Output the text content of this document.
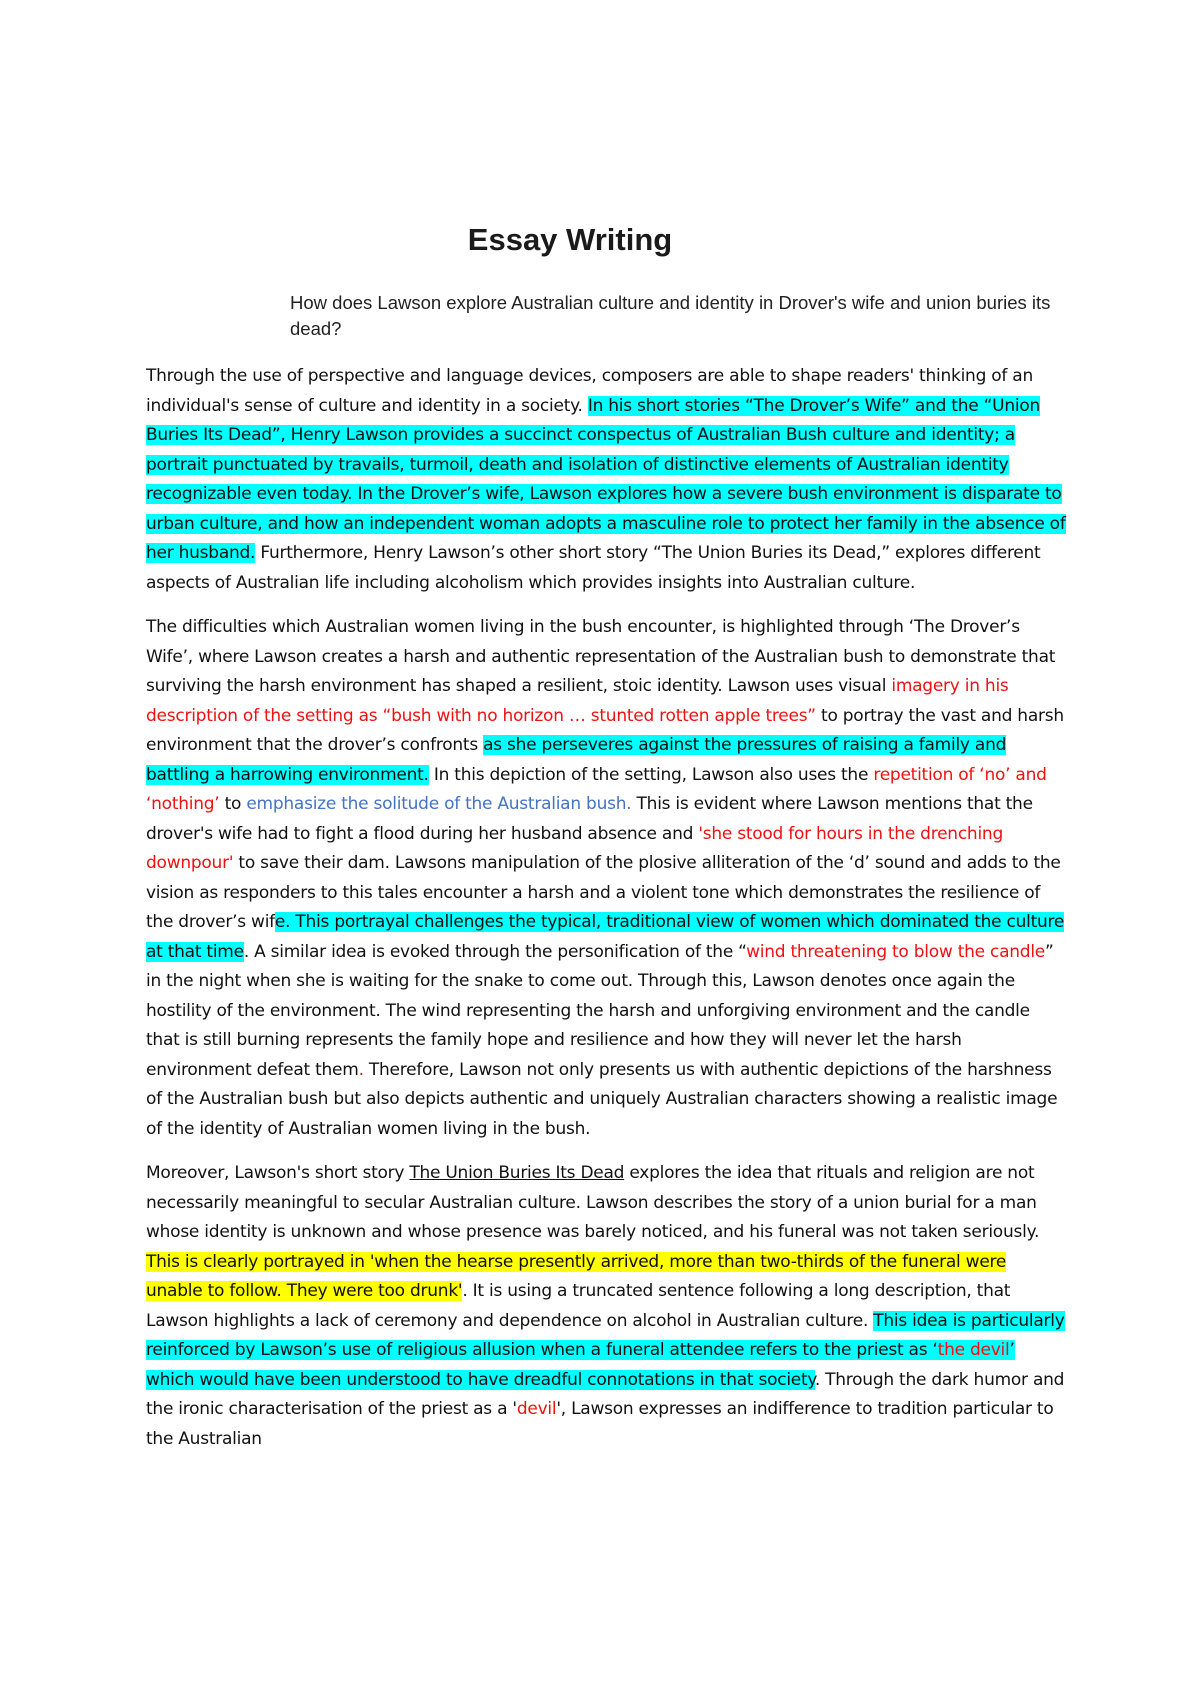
Essay Writing

How does Lawson explore Australian culture and identity in Drover's wife and union buries its dead?

Through the use of perspective and language devices, composers are able to shape readers' thinking of an individual's sense of culture and identity in a society. In his short stories “The Drover’s Wife” and the “Union Buries Its Dead”, Henry Lawson provides a succinct conspectus of Australian Bush culture and identity; a portrait punctuated by travails, turmoil, death and isolation of distinctive elements of Australian identity recognizable even today. In the Drover’s wife, Lawson explores how a severe bush environment is disparate to urban culture, and how an independent woman adopts a masculine role to protect her family in the absence of her husband. Furthermore, Henry Lawson’s other short story “The Union Buries its Dead,” explores different aspects of Australian life including alcoholism which provides insights into Australian culture.

The difficulties which Australian women living in the bush encounter, is highlighted through ‘The Drover’s Wife’, where Lawson creates a harsh and authentic representation of the Australian bush to demonstrate that surviving the harsh environment has shaped a resilient, stoic identity. Lawson uses visual imagery in his description of the setting as “bush with no horizon … stunted rotten apple trees” to portray the vast and harsh environment that the drover’s confronts as she perseveres against the pressures of raising a family and battling a harrowing environment. In this depiction of the setting, Lawson also uses the repetition of ‘no’ and ‘nothing’ to emphasize the solitude of the Australian bush. This is evident where Lawson mentions that the drover's wife had to fight a flood during her husband absence and 'she stood for hours in the drenching downpour' to save their dam. Lawsons manipulation of the plosive alliteration of the ‘d’ sound and adds to the vision as responders to this tales encounter a harsh and a violent tone which demonstrates the resilience of the drover’s wife. This portrayal challenges the typical, traditional view of women which dominated the culture at that time. A similar idea is evoked through the personification of the “wind threatening to blow the candle” in the night when she is waiting for the snake to come out. Through this, Lawson denotes once again the hostility of the environment. The wind representing the harsh and unforgiving environment and the candle that is still burning represents the family hope and resilience and how they will never let the harsh environment defeat them. Therefore, Lawson not only presents us with authentic depictions of the harshness of the Australian bush but also depicts authentic and uniquely Australian characters showing a realistic image of the identity of Australian women living in the bush.

Moreover, Lawson's short story The Union Buries Its Dead explores the idea that rituals and religion are not necessarily meaningful to secular Australian culture. Lawson describes the story of a union burial for a man whose identity is unknown and whose presence was barely noticed, and his funeral was not taken seriously. This is clearly portrayed in 'when the hearse presently arrived, more than two-thirds of the funeral were unable to follow. They were too drunk'. It is using a truncated sentence following a long description, that Lawson highlights a lack of ceremony and dependence on alcohol in Australian culture. This idea is particularly reinforced by Lawson’s use of religious allusion when a funeral attendee refers to the priest as ‘the devil’ which would have been understood to have dreadful connotations in that society. Through the dark humor and the ironic characterisation of the priest as a 'devil', Lawson expresses an indifference to tradition particular to the Australian
